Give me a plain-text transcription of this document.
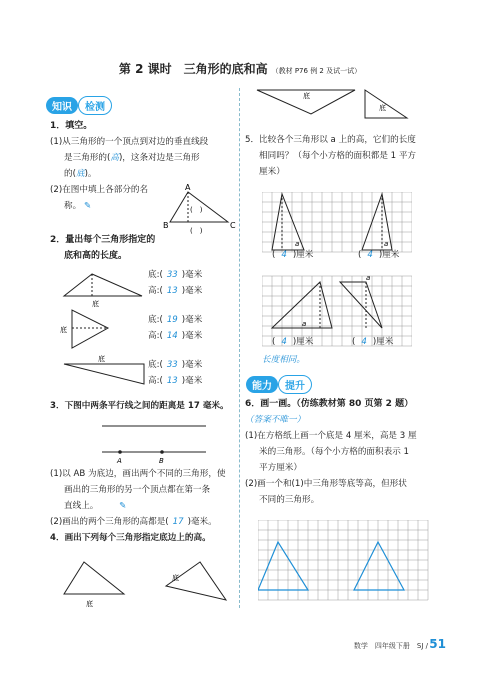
第 2 课时　三角形的底和高 （教材 P76 例 2 及试一试）
知识 检测
1．填空。
(1)从三角形的一个顶点到对边的垂直线段
是三角形的(高)，这条对边是三角形
的(底)。
(2)在图中填上各部分的名
称。 ✎
A
B	C
(　)
(　)
2．量出每个三角形指定的
底和高的长度。
底
底:( 33 )毫米
高:( 13 )毫米
底
底:( 19 )毫米
高:( 14 )毫米
底
底:( 33 )毫米
高:( 13 )毫米
3．下图中两条平行线之间的距离是 17 毫米。
A	B
(1)以 AB 为底边，画出两个不同的三角形，使
画出的三角形的另一个顶点都在第一条
直线上。 ✎
(2)画出的两个三角形的高都是( 17 )毫米。
4．画出下列每个三角形指定底边上的高。
底
底
底
底
5．比较各个三角形以 a 上的高，它们的长度
相同吗？（每个小方格的面积都是 1 平方
厘米）
a	a
a
a
( 4 )厘米	( 4 )厘米
( 4 )厘米	( 4 )厘米
长度相同。
能力 提升
6．画一画。（仿练教材第 80 页第 2 题）
（答案不唯一）
(1)在方格纸上画一个底是 4 厘米，高是 3 厘
米的三角形。（每个小方格的面积表示 1
平方厘米）
(2)画一个和(1)中三角形等底等高，但形状
不同的三角形。
数学　四年级下册　SJ / 51
